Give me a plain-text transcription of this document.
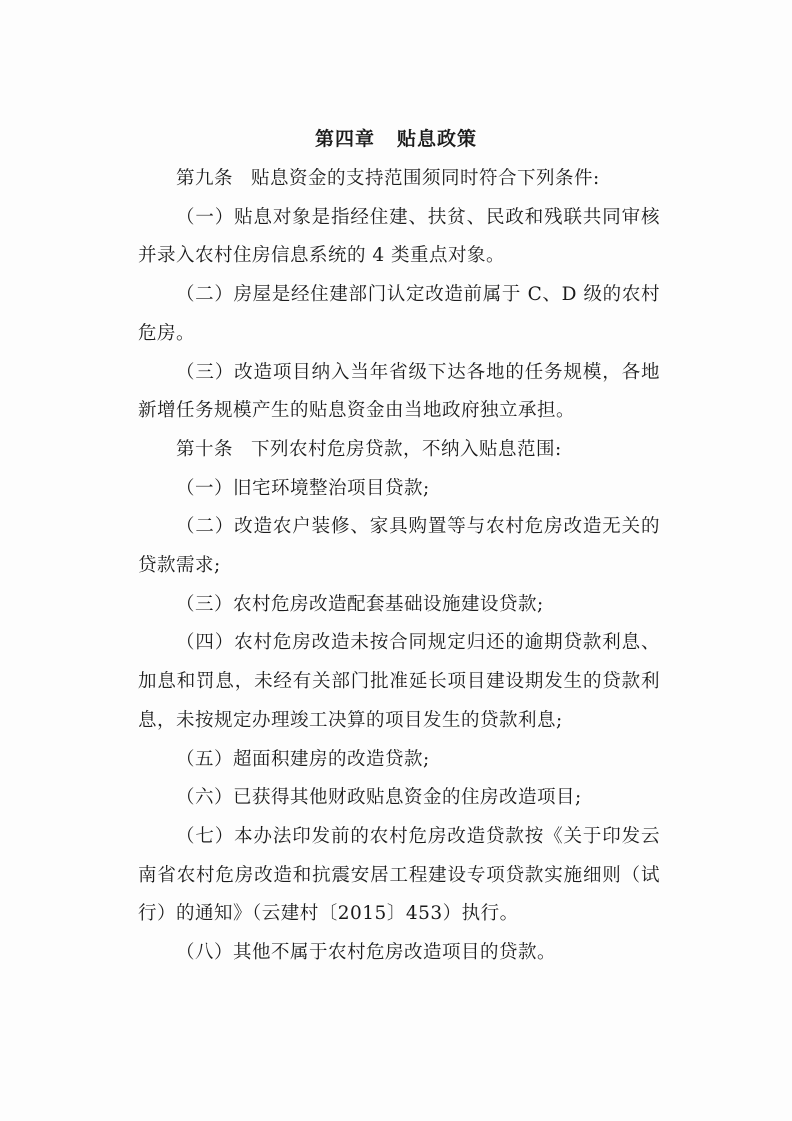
第四章 贴息政策

第九条 贴息资金的支持范围须同时符合下列条件:

（一）贴息对象是指经住建、扶贫、民政和残联共同审核并录入农村住房信息系统的 4 类重点对象。

（二）房屋是经住建部门认定改造前属于 C、D 级的农村危房。

（三）改造项目纳入当年省级下达各地的任务规模，各地新增任务规模产生的贴息资金由当地政府独立承担。

第十条 下列农村危房贷款，不纳入贴息范围:

（一）旧宅环境整治项目贷款;

（二）改造农户装修、家具购置等与农村危房改造无关的贷款需求;

（三）农村危房改造配套基础设施建设贷款;

（四）农村危房改造未按合同规定归还的逾期贷款利息、加息和罚息，未经有关部门批准延长项目建设期发生的贷款利息，未按规定办理竣工决算的项目发生的贷款利息;

（五）超面积建房的改造贷款;

（六）已获得其他财政贴息资金的住房改造项目;

（七）本办法印发前的农村危房改造贷款按《关于印发云南省农村危房改造和抗震安居工程建设专项贷款实施细则（试行）的通知》（云建村〔2015〕453）执行。

（八）其他不属于农村危房改造项目的贷款。
